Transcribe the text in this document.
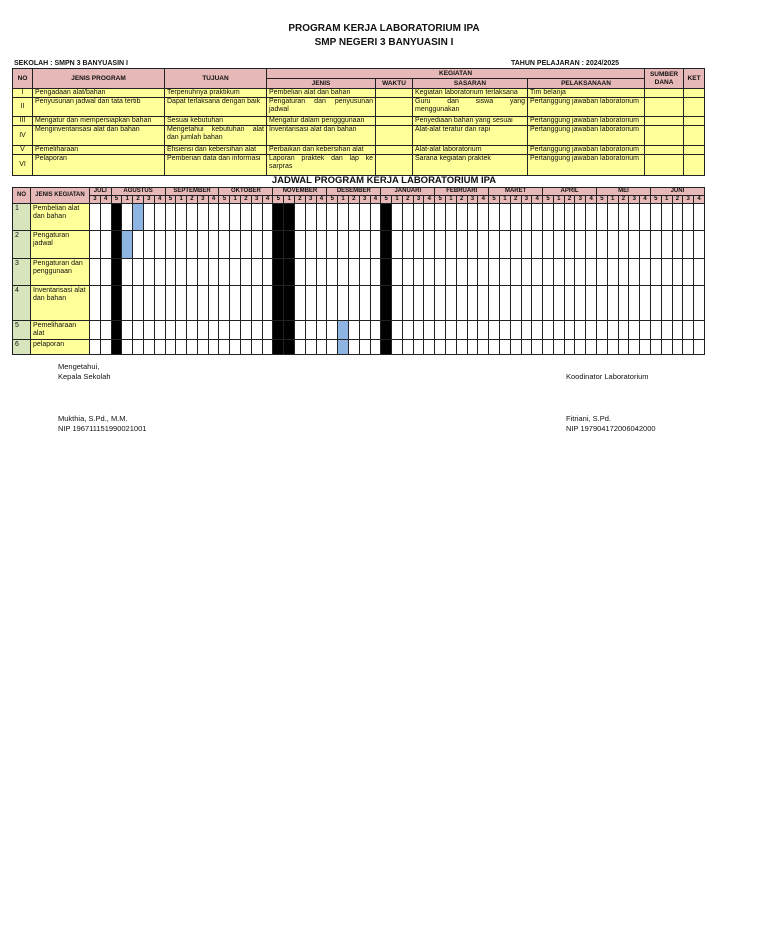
PROGRAM KERJA LABORATORIUM IPA
SMP NEGERI 3 BANYUASIN I
SEKOLAH : SMPN 3 BANYUASIN I	TAHUN PELAJARAN : 2024/2025
NO	JENIS PROGRAM	TUJUAN	KEGIATAN				SUMBER DANA	KET
			JENIS	WAKTU	SASARAN	PELAKSANAAN		
I	Pengadaan alat/bahan	Terpenuhnya praktikum	Pembelian alat dan bahan		Kegiatan laboratorium terlaksana	Tim belanja		
II	Penyusunan jadwal dan tata tertib	Dapat terlaksana dengan baik	Pengaturan dan penyusunan jadwal		Guru dan siswa yang menggunakan	Pertanggung jawaban laboratorium		
III	Mengatur dan mempersiapkan bahan	Sesuai kebutuhan	Mengatur dalam pengggunaan		Penyediaan bahan yang sesuai	Pertanggung jawaban laboratorium		
IV	Menginventarisasi alat dan bahan	Mengetahui kebutuhan alat dan jumlah bahan	Inventarisasi alat dan bahan		Alat-alat teratur dan rapi	Pertanggung jawaban laboratorium		
V	Pemeliharaan	Efisiensi dan kebersihan alat	Perbaikan dan kebersihan alat		Alat-alat laboratorium	Pertanggung jawaban laboratorium		
VI	Pelaporan	Pemberian data dan informasi	Laporan praktek dan lap ke sarpras		Sarana kegiatan praktek	Pertanggung jawaban laboratorium		
JADWAL PROGRAM KERJA LABORATORIUM IPA
NO	JENIS KEGIATAN	JULI		AGUSTUS					SEPTEMBER					OKTOBER					NOVEMBER					DESEMBER					JANUARI					FEBRUARI					MARET					APRIL					MEI					JUNI				
		3	4	5	1	2	3	4	5	1	2	3	4	5	1	2	3	4	5	1	2	3	4	5	1	2	3	4	5	1	2	3	4	5	1	2	3	4	5	1	2	3	4	5	1	2	3	4	5	1	2	3	4	5	1	2	3	4
1	Pembelian alat dan bahan																																																									
2	Pengaturan jadwal																																																									
3	Pengaturan dan penggunaan																																																									
4	Inventarisasi alat dan bahan																																																									
5	Pemeliharaan alat																																																									
6	pelaporan																																																									
Mengetahui,
Kepala Sekolah
Mukthia, S.Pd., M.M.
NIP 196711151990021001
Koodinator Laboratorium
Fitriani, S.Pd.
NIP 197904172006042000
